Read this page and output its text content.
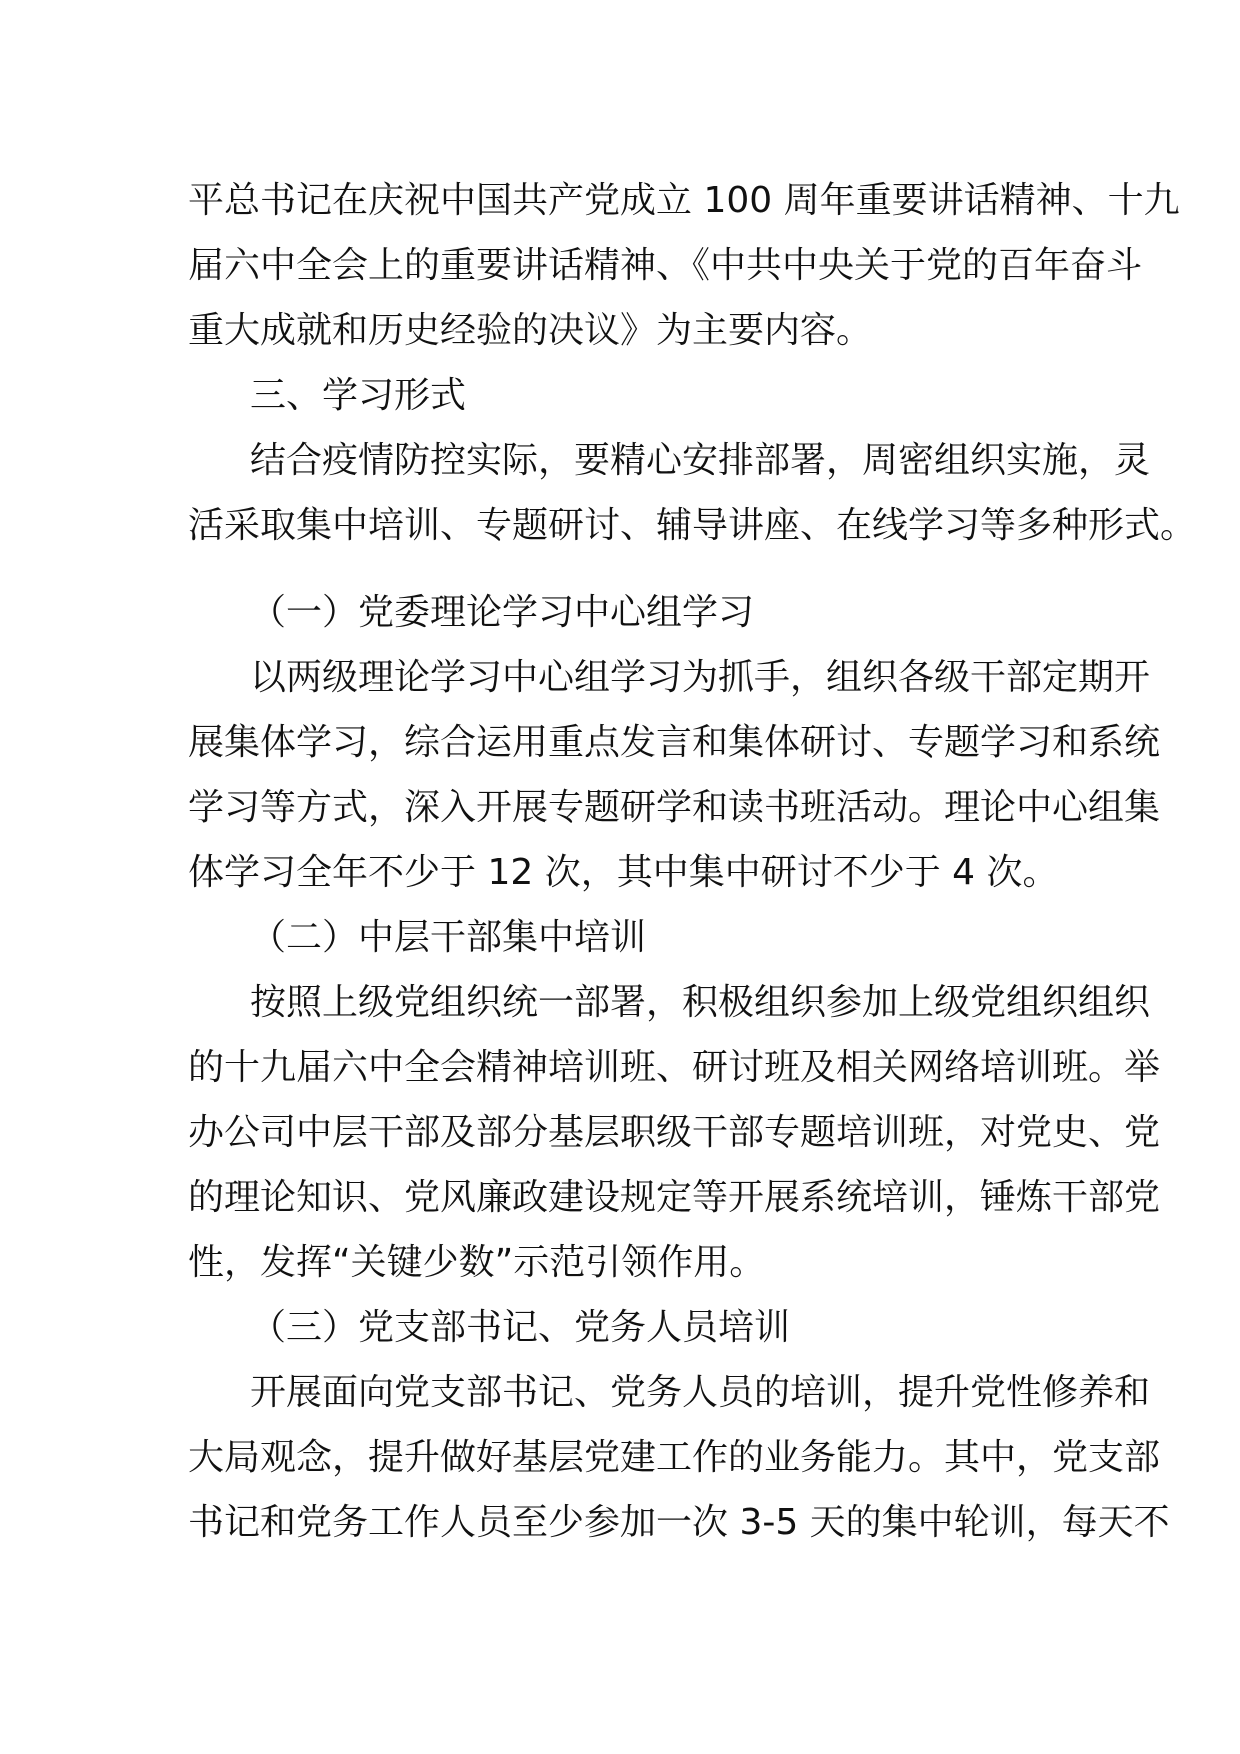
平总书记在庆祝中国共产党成立 100 周年重要讲话精神、十九
届六中全会上的重要讲话精神、《中共中央关于党的百年奋斗
重大成就和历史经验的决议》为主要内容。
三、学习形式
结合疫情防控实际，要精心安排部署，周密组织实施，灵
活采取集中培训、专题研讨、辅导讲座、在线学习等多种形式。
（一）党委理论学习中心组学习
以两级理论学习中心组学习为抓手，组织各级干部定期开
展集体学习，综合运用重点发言和集体研讨、专题学习和系统
学习等方式，深入开展专题研学和读书班活动。理论中心组集
体学习全年不少于 12 次，其中集中研讨不少于 4 次。
（二）中层干部集中培训
按照上级党组织统一部署，积极组织参加上级党组织组织
的十九届六中全会精神培训班、研讨班及相关网络培训班。举
办公司中层干部及部分基层职级干部专题培训班，对党史、党
的理论知识、党风廉政建设规定等开展系统培训，锤炼干部党
性，发挥“关键少数”示范引领作用。
（三）党支部书记、党务人员培训
开展面向党支部书记、党务人员的培训，提升党性修养和
大局观念，提升做好基层党建工作的业务能力。其中，党支部
书记和党务工作人员至少参加一次 3-5 天的集中轮训，每天不
